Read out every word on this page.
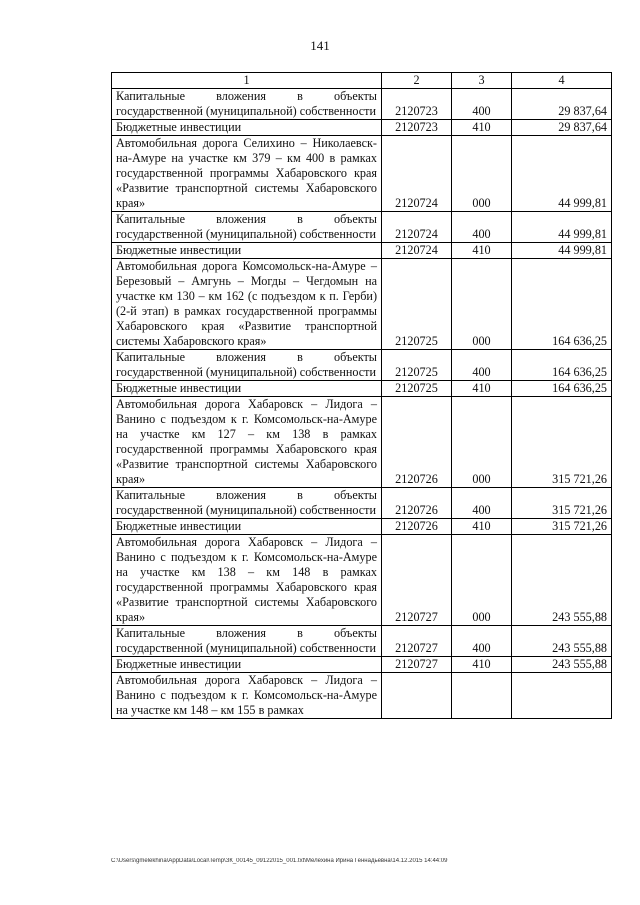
141
1	2	3	4
Капитальные вложения в объекты государственной (муниципальной) собственности	2120723	400	29 837,64
Бюджетные инвестиции	2120723	410	29 837,64
Автомобильная дорога Селихино – Николаевск-на-Амуре на участке км 379 – км 400 в рамках государственной программы Хабаровского края «Развитие транспортной системы Хабаровского края»	2120724	000	44 999,81
Капитальные вложения в объекты государственной (муниципальной) собственности	2120724	400	44 999,81
Бюджетные инвестиции	2120724	410	44 999,81
Автомобильная дорога Комсомольск-на-Амуре – Березовый – Амгунь – Могды – Чегдомын на участке км 130 – км 162 (с подъездом к п. Герби) (2-й этап) в рамках государственной программы Хабаровского края «Развитие транспортной системы Хабаровского края»	2120725	000	164 636,25
Капитальные вложения в объекты государственной (муниципальной) собственности	2120725	400	164 636,25
Бюджетные инвестиции	2120725	410	164 636,25
Автомобильная дорога Хабаровск – Лидога – Ванино с подъездом к г. Комсомольск-на-Амуре на участке км 127 – км 138 в рамках государственной программы Хабаровского края «Развитие транспортной системы Хабаровского края»	2120726	000	315 721,26
Капитальные вложения в объекты государственной (муниципальной) собственности	2120726	400	315 721,26
Бюджетные инвестиции	2120726	410	315 721,26
Автомобильная дорога Хабаровск – Лидога – Ванино с подъездом к г. Комсомольск-на-Амуре на участке км 138 – км 148 в рамках государственной программы Хабаровского края «Развитие транспортной системы Хабаровского края»	2120727	000	243 555,88
Капитальные вложения в объекты государственной (муниципальной) собственности	2120727	400	243 555,88
Бюджетные инвестиции	2120727	410	243 555,88
Автомобильная дорога Хабаровск – Лидога – Ванино с подъездом к г. Комсомольск-на-Амуре на участке км 148 – км 155 в рамках			
C:\Users\gmelekhina\AppData\Local\Temp\ЗК_00145_09122015_001.txt\Мелехина Ирина Геннадьевна\14.12.2015 14:44:09
